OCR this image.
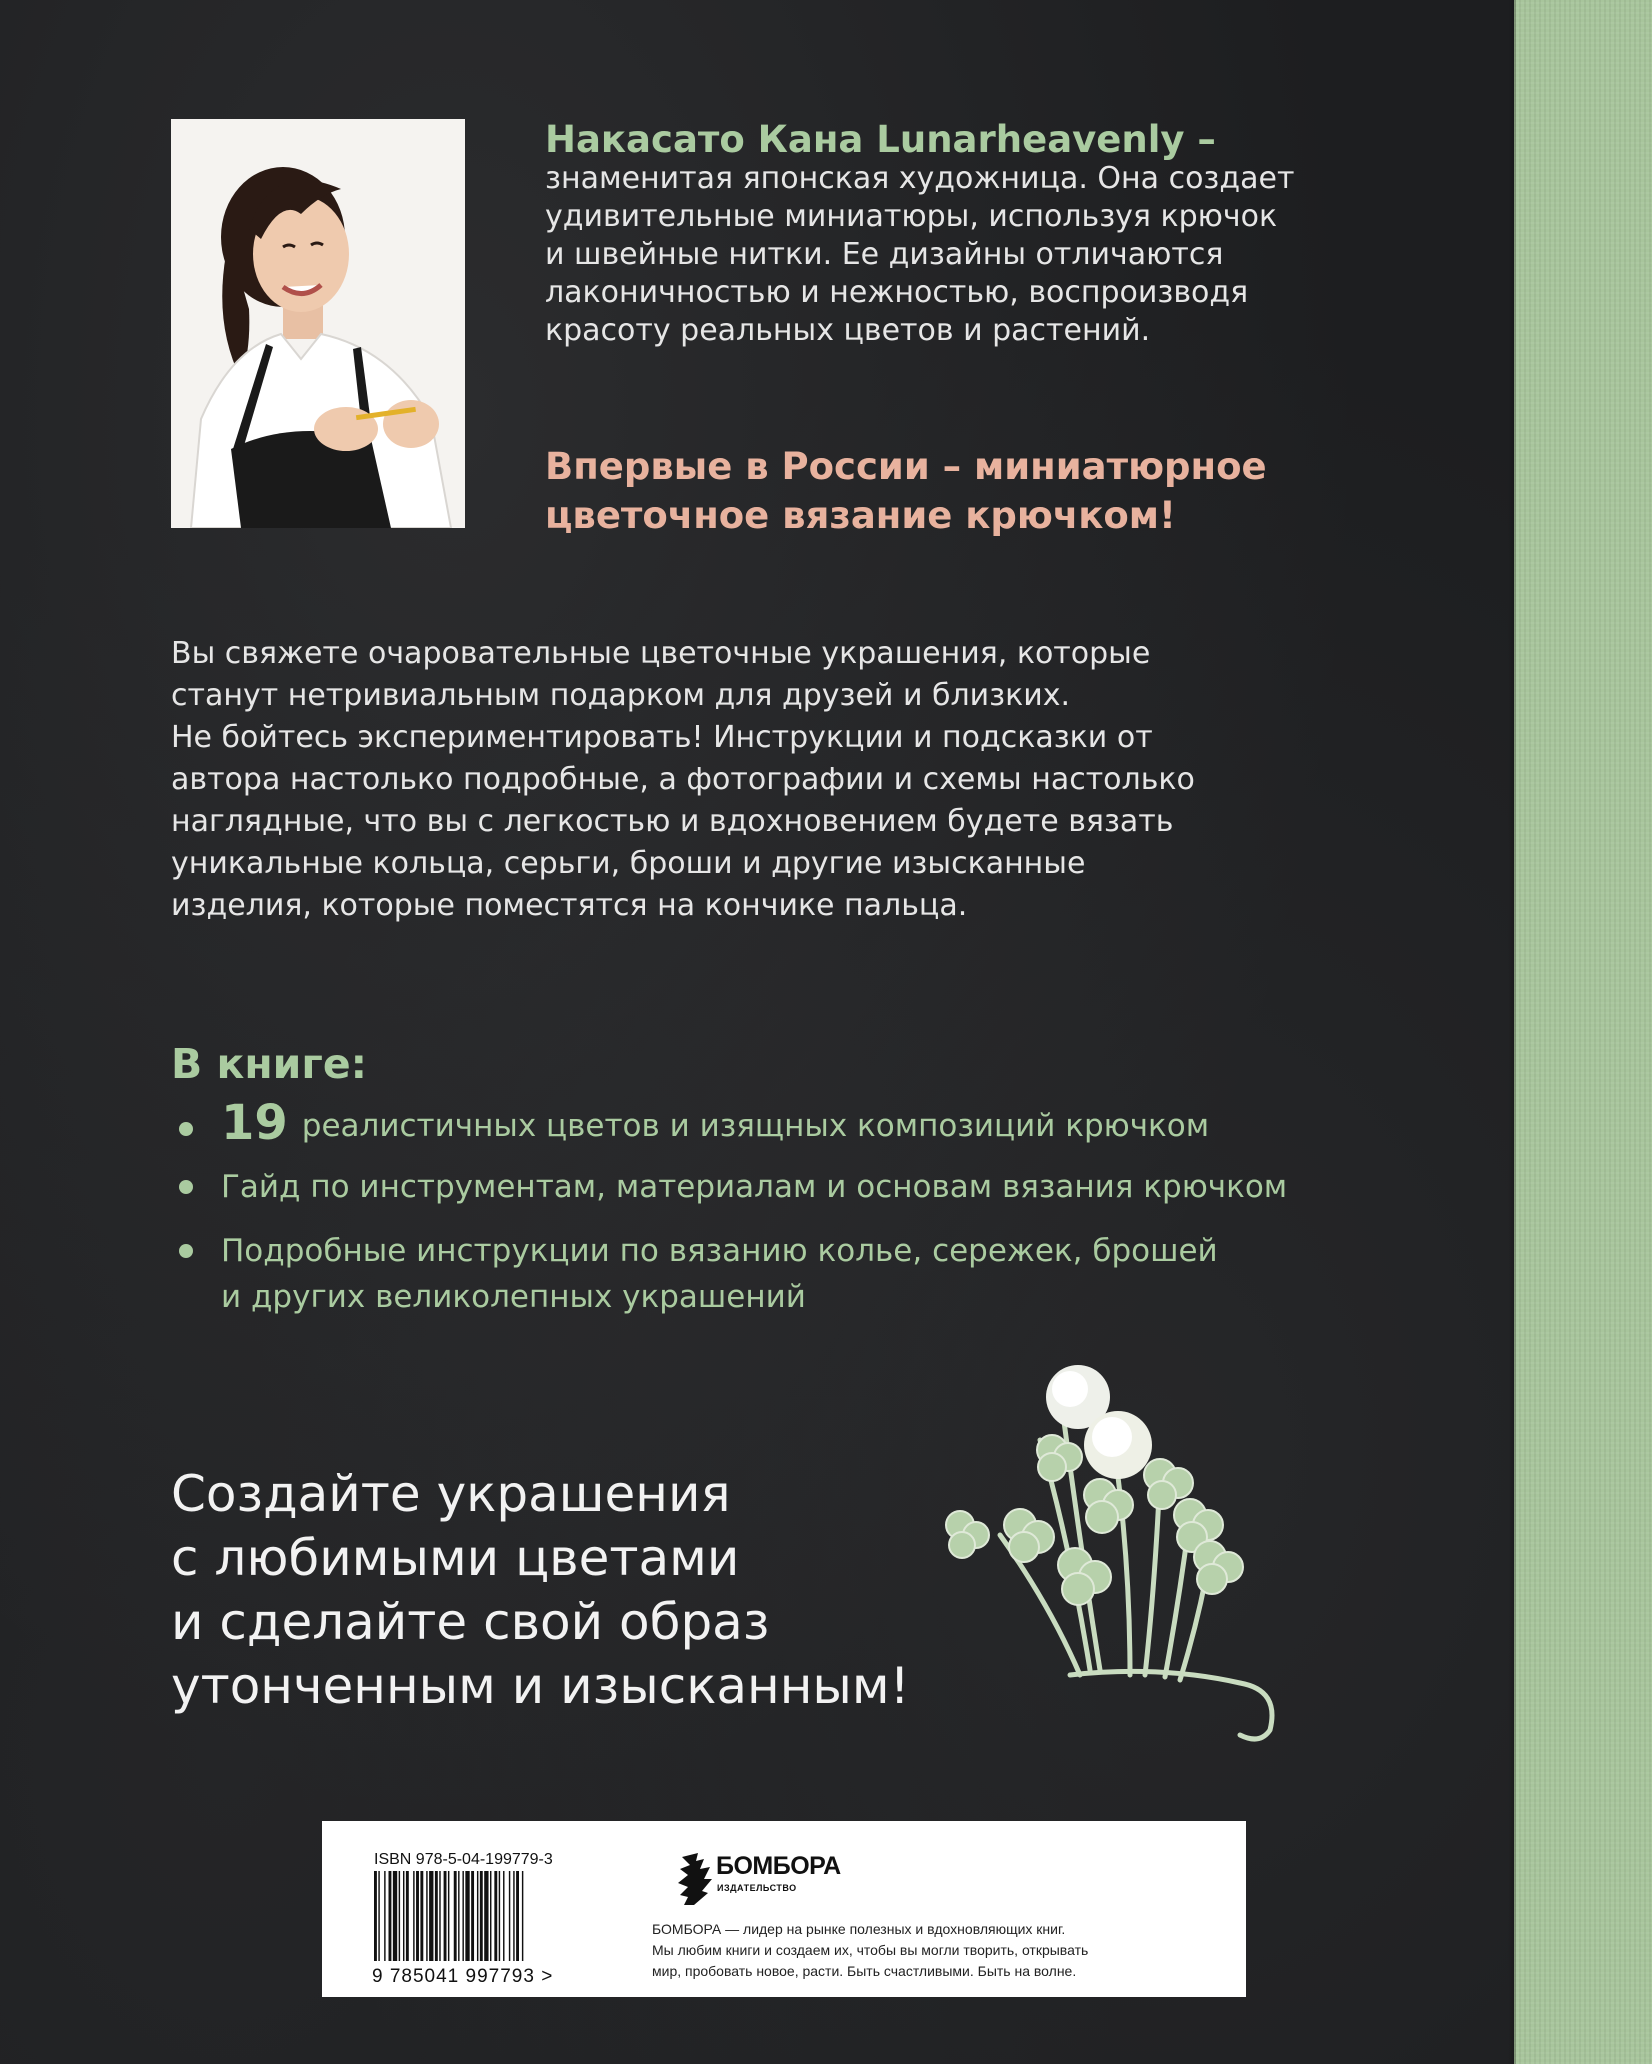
Накасато Кана Lunarheavenly –
знаменитая японская художница. Она создает
удивительные миниатюры, используя крючок
и швейные нитки. Ее дизайны отличаются
лаконичностью и нежностью, воспроизводя
красоту реальных цветов и растений.
Впервые в России – миниатюрное
цветочное вязание крючком!
Вы свяжете очаровательные цветочные украшения, которые
станут нетривиальным подарком для друзей и близких.
Не бойтесь экспериментировать! Инструкции и подсказки от
автора настолько подробные, а фотографии и схемы настолько
наглядные, что вы с легкостью и вдохновением будете вязать
уникальные кольца, серьги, броши и другие изысканные
изделия, которые поместятся на кончике пальца.
В книге:
19 реалистичных цветов и изящных композиций крючком
Гайд по инструментам, материалам и основам вязания крючком
Подробные инструкции по вязанию колье, сережек, брошей
и других великолепных украшений
Создайте украшения
с любимыми цветами
и сделайте свой образ
утонченным и изысканным!
ISBN 978-5-04-199779-3
9 785041 997793 >
БОМБОРА
ИЗДАТЕЛЬСТВО
БОМБОРА — лидер на рынке полезных и вдохновляющих книг.
Мы любим книги и создаем их, чтобы вы могли творить, открывать
мир, пробовать новое, расти. Быть счастливыми. Быть на волне.
